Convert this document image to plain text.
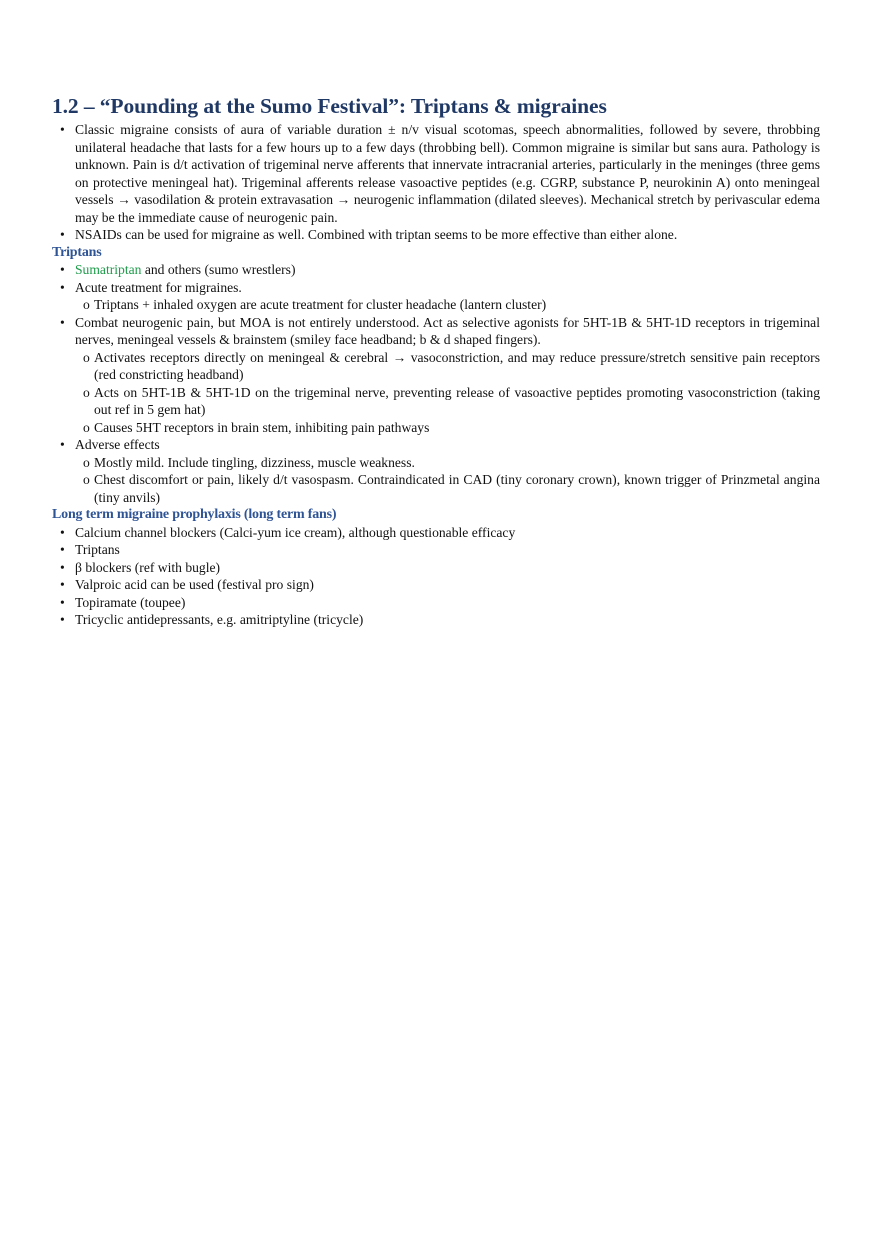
1.2 – “Pounding at the Sumo Festival”: Triptans & migraines
• Classic migraine consists of aura of variable duration ± n/v visual scotomas, speech abnormalities, followed by severe, throbbing unilateral headache that lasts for a few hours up to a few days (throbbing bell). Common migraine is similar but sans aura. Pathology is unknown. Pain is d/t activation of trigeminal nerve afferents that innervate intracranial arteries, particularly in the meninges (three gems on protective meningeal hat). Trigeminal afferents release vasoactive peptides (e.g. CGRP, substance P, neurokinin A) onto meningeal vessels → vasodilation & protein extravasation → neurogenic inflammation (dilated sleeves). Mechanical stretch by perivascular edema may be the immediate cause of neurogenic pain.
• NSAIDs can be used for migraine as well. Combined with triptan seems to be more effective than either alone.
Triptans
• Sumatriptan and others (sumo wrestlers)
• Acute treatment for migraines.
o Triptans + inhaled oxygen are acute treatment for cluster headache (lantern cluster)
• Combat neurogenic pain, but MOA is not entirely understood. Act as selective agonists for 5HT-1B & 5HT-1D receptors in trigeminal nerves, meningeal vessels & brainstem (smiley face headband; b & d shaped fingers).
o Activates receptors directly on meningeal & cerebral → vasoconstriction, and may reduce pressure/stretch sensitive pain receptors (red constricting headband)
o Acts on 5HT-1B & 5HT-1D on the trigeminal nerve, preventing release of vasoactive peptides promoting vasoconstriction (taking out ref in 5 gem hat)
o Causes 5HT receptors in brain stem, inhibiting pain pathways
• Adverse effects
o Mostly mild. Include tingling, dizziness, muscle weakness.
o Chest discomfort or pain, likely d/t vasospasm. Contraindicated in CAD (tiny coronary crown), known trigger of Prinzmetal angina (tiny anvils)
Long term migraine prophylaxis (long term fans)
• Calcium channel blockers (Calci-yum ice cream), although questionable efficacy
• Triptans
• β blockers (ref with bugle)
• Valproic acid can be used (festival pro sign)
• Topiramate (toupee)
• Tricyclic antidepressants, e.g. amitriptyline (tricycle)
